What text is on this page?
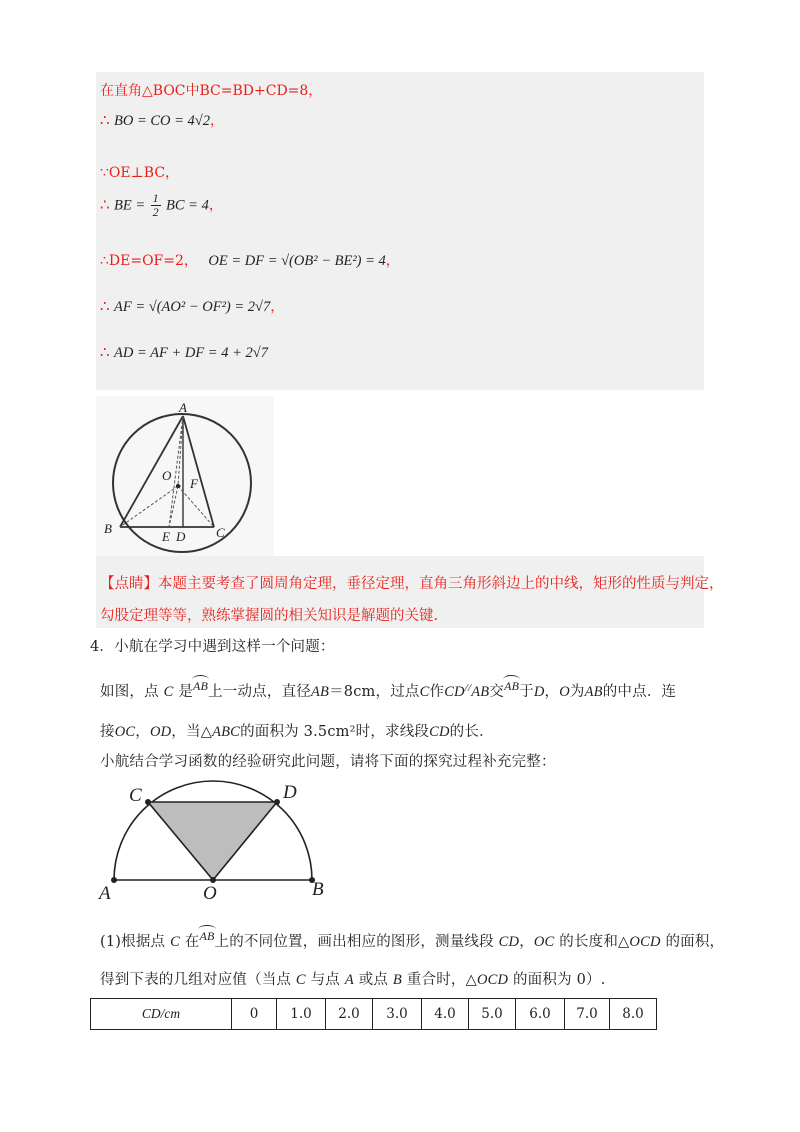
在直角△BOC中BC=BD+CD=8，
∴ BO = CO = 4√2，
∵OE⊥BC，
∴ BE = $\frac{1}{2}$ BC = 4，
∴DE=OF=2， OE = DF = √(OB² − BE²) = 4，
∴ AF = √(AO² − OF²) = 2√7，
∴ AD = AF + DF = 4 + 2√7
A
O
F
B
E D C
【点睛】本题主要考查了圆周角定理，垂径定理，直角三角形斜边上的中线，矩形的性质与判定，
勾股定理等等，熟练掌握圆的相关知识是解题的关键.
4．小航在学习中遇到这样一个问题：
如图，点 C 是AB上一动点，直径AB＝8cm，过点C作CD//AB交AB于D，O为AB的中点．连
接OC，OD，当△ABC的面积为 3.5cm²时，求线段CD的长．
小航结合学习函数的经验研究此问题，请将下面的探究过程补充完整：
C	D
A	O	B
(1)根据点 C 在AB上的不同位置，画出相应的图形，测量线段 CD，OC 的长度和△OCD 的面积，
得到下表的几组对应值（当点 C 与点 A 或点 B 重合时，△OCD 的面积为 0）.
CD/cm	0	1.0	2.0	3.0	4.0	5.0	6.0	7.0	8.0
